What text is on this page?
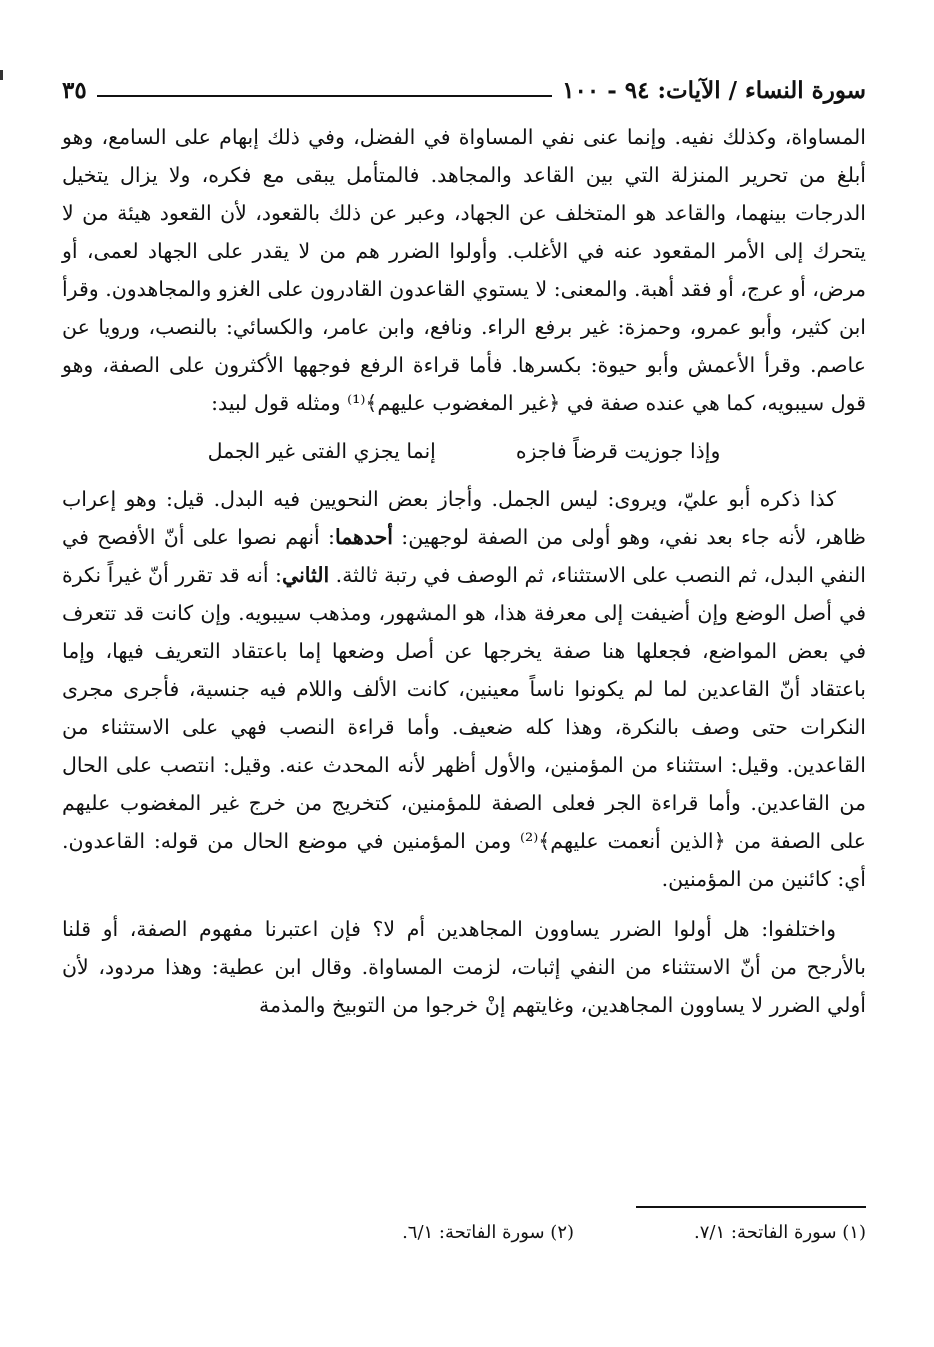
سورة النساء / الآيات: ٩٤ - ١٠٠
٣٥

المساواة، وكذلك نفيه. وإنما عنى نفي المساواة في الفضل، وفي ذلك إبهام على السامع، وهو أبلغ من تحرير المنزلة التي بين القاعد والمجاهد. فالمتأمل يبقى مع فكره، ولا يزال يتخيل الدرجات بينهما، والقاعد هو المتخلف عن الجهاد، وعبر عن ذلك بالقعود، لأن القعود هيئة من لا يتحرك إلى الأمر المقعود عنه في الأغلب. وأولوا الضرر هم من لا يقدر على الجهاد لعمى، أو مرض، أو عرج، أو فقد أهبة. والمعنى: لا يستوي القاعدون القادرون على الغزو والمجاهدون. وقرأ ابن كثير، وأبو عمرو، وحمزة: غير برفع الراء. ونافع، وابن عامر، والكسائي: بالنصب، ورويا عن عاصم. وقرأ الأعمش وأبو حيوة: بكسرها. فأما قراءة الرفع فوجهها الأكثرون على الصفة، وهو قول سيبويه، كما هي عنده صفة في ﴿غير المغضوب عليهم﴾⁽¹⁾ ومثله قول لبيد:

وإذا جوزيت قرضاً فاجزه
إنما يجزي الفتى غير الجمل

كذا ذكره أبو عليّ، ويروى: ليس الجمل. وأجاز بعض النحويين فيه البدل. قيل: وهو إعراب ظاهر، لأنه جاء بعد نفي، وهو أولى من الصفة لوجهين: أحدهما: أنهم نصوا على أنّ الأفصح في النفي البدل، ثم النصب على الاستثناء، ثم الوصف في رتبة ثالثة. الثاني: أنه قد تقرر أنّ غيراً نكرة في أصل الوضع وإن أضيفت إلى معرفة هذا، هو المشهور، ومذهب سيبويه. وإن كانت قد تتعرف في بعض المواضع، فجعلها هنا صفة يخرجها عن أصل وضعها إما باعتقاد التعريف فيها، وإما باعتقاد أنّ القاعدين لما لم يكونوا ناساً معينين، كانت الألف واللام فيه جنسية، فأجرى مجرى النكرات حتى وصف بالنكرة، وهذا كله ضعيف. وأما قراءة النصب فهي على الاستثناء من القاعدين. وقيل: استثناء من المؤمنين، والأول أظهر لأنه المحدث عنه. وقيل: انتصب على الحال من القاعدين. وأما قراءة الجر فعلى الصفة للمؤمنين، كتخريج من خرج غير المغضوب عليهم على الصفة من ﴿الذين أنعمت عليهم﴾⁽²⁾ ومن المؤمنين في موضع الحال من قوله: القاعدون. أي: كائنين من المؤمنين.

واختلفوا: هل أولوا الضرر يساوون المجاهدين أم لا؟ فإن اعتبرنا مفهوم الصفة، أو قلنا بالأرجح من أنّ الاستثناء من النفي إثبات، لزمت المساواة. وقال ابن عطية: وهذا مردود، لأن أولي الضرر لا يساوون المجاهدين، وغايتهم إنْ خرجوا من التوبيخ والمذمة

(١) سورة الفاتحة: ٧/١.
(٢) سورة الفاتحة: ٦/١.
